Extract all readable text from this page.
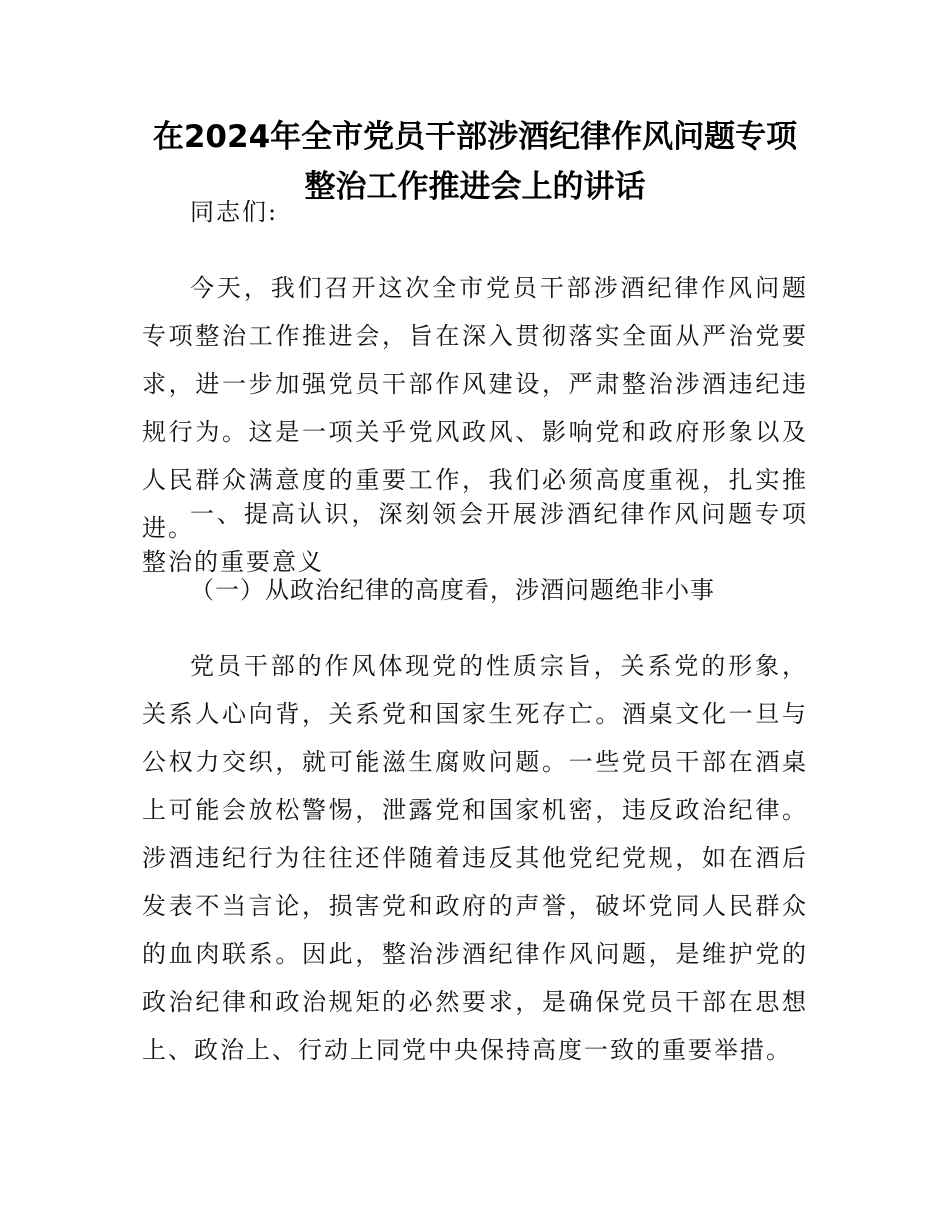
在2024年全市党员干部涉酒纪律作风问题专项
整治工作推进会上的讲话

同志们:

今天，我们召开这次全市党员干部涉酒纪律作风问题专项整治工作推进会，旨在深入贯彻落实全面从严治党要求，进一步加强党员干部作风建设，严肃整治涉酒违纪违规行为。这是一项关乎党风政风、影响党和政府形象以及人民群众满意度的重要工作，我们必须高度重视，扎实推进。

一、提高认识，深刻领会开展涉酒纪律作风问题专项整治的重要意义

（一）从政治纪律的高度看，涉酒问题绝非小事

党员干部的作风体现党的性质宗旨，关系党的形象，关系人心向背，关系党和国家生死存亡。酒桌文化一旦与公权力交织，就可能滋生腐败问题。一些党员干部在酒桌上可能会放松警惕，泄露党和国家机密，违反政治纪律。涉酒违纪行为往往还伴随着违反其他党纪党规，如在酒后发表不当言论，损害党和政府的声誉，破坏党同人民群众的血肉联系。因此，整治涉酒纪律作风问题，是维护党的政治纪律和政治规矩的必然要求，是确保党员干部在思想上、政治上、行动上同党中央保持高度一致的重要举措。
